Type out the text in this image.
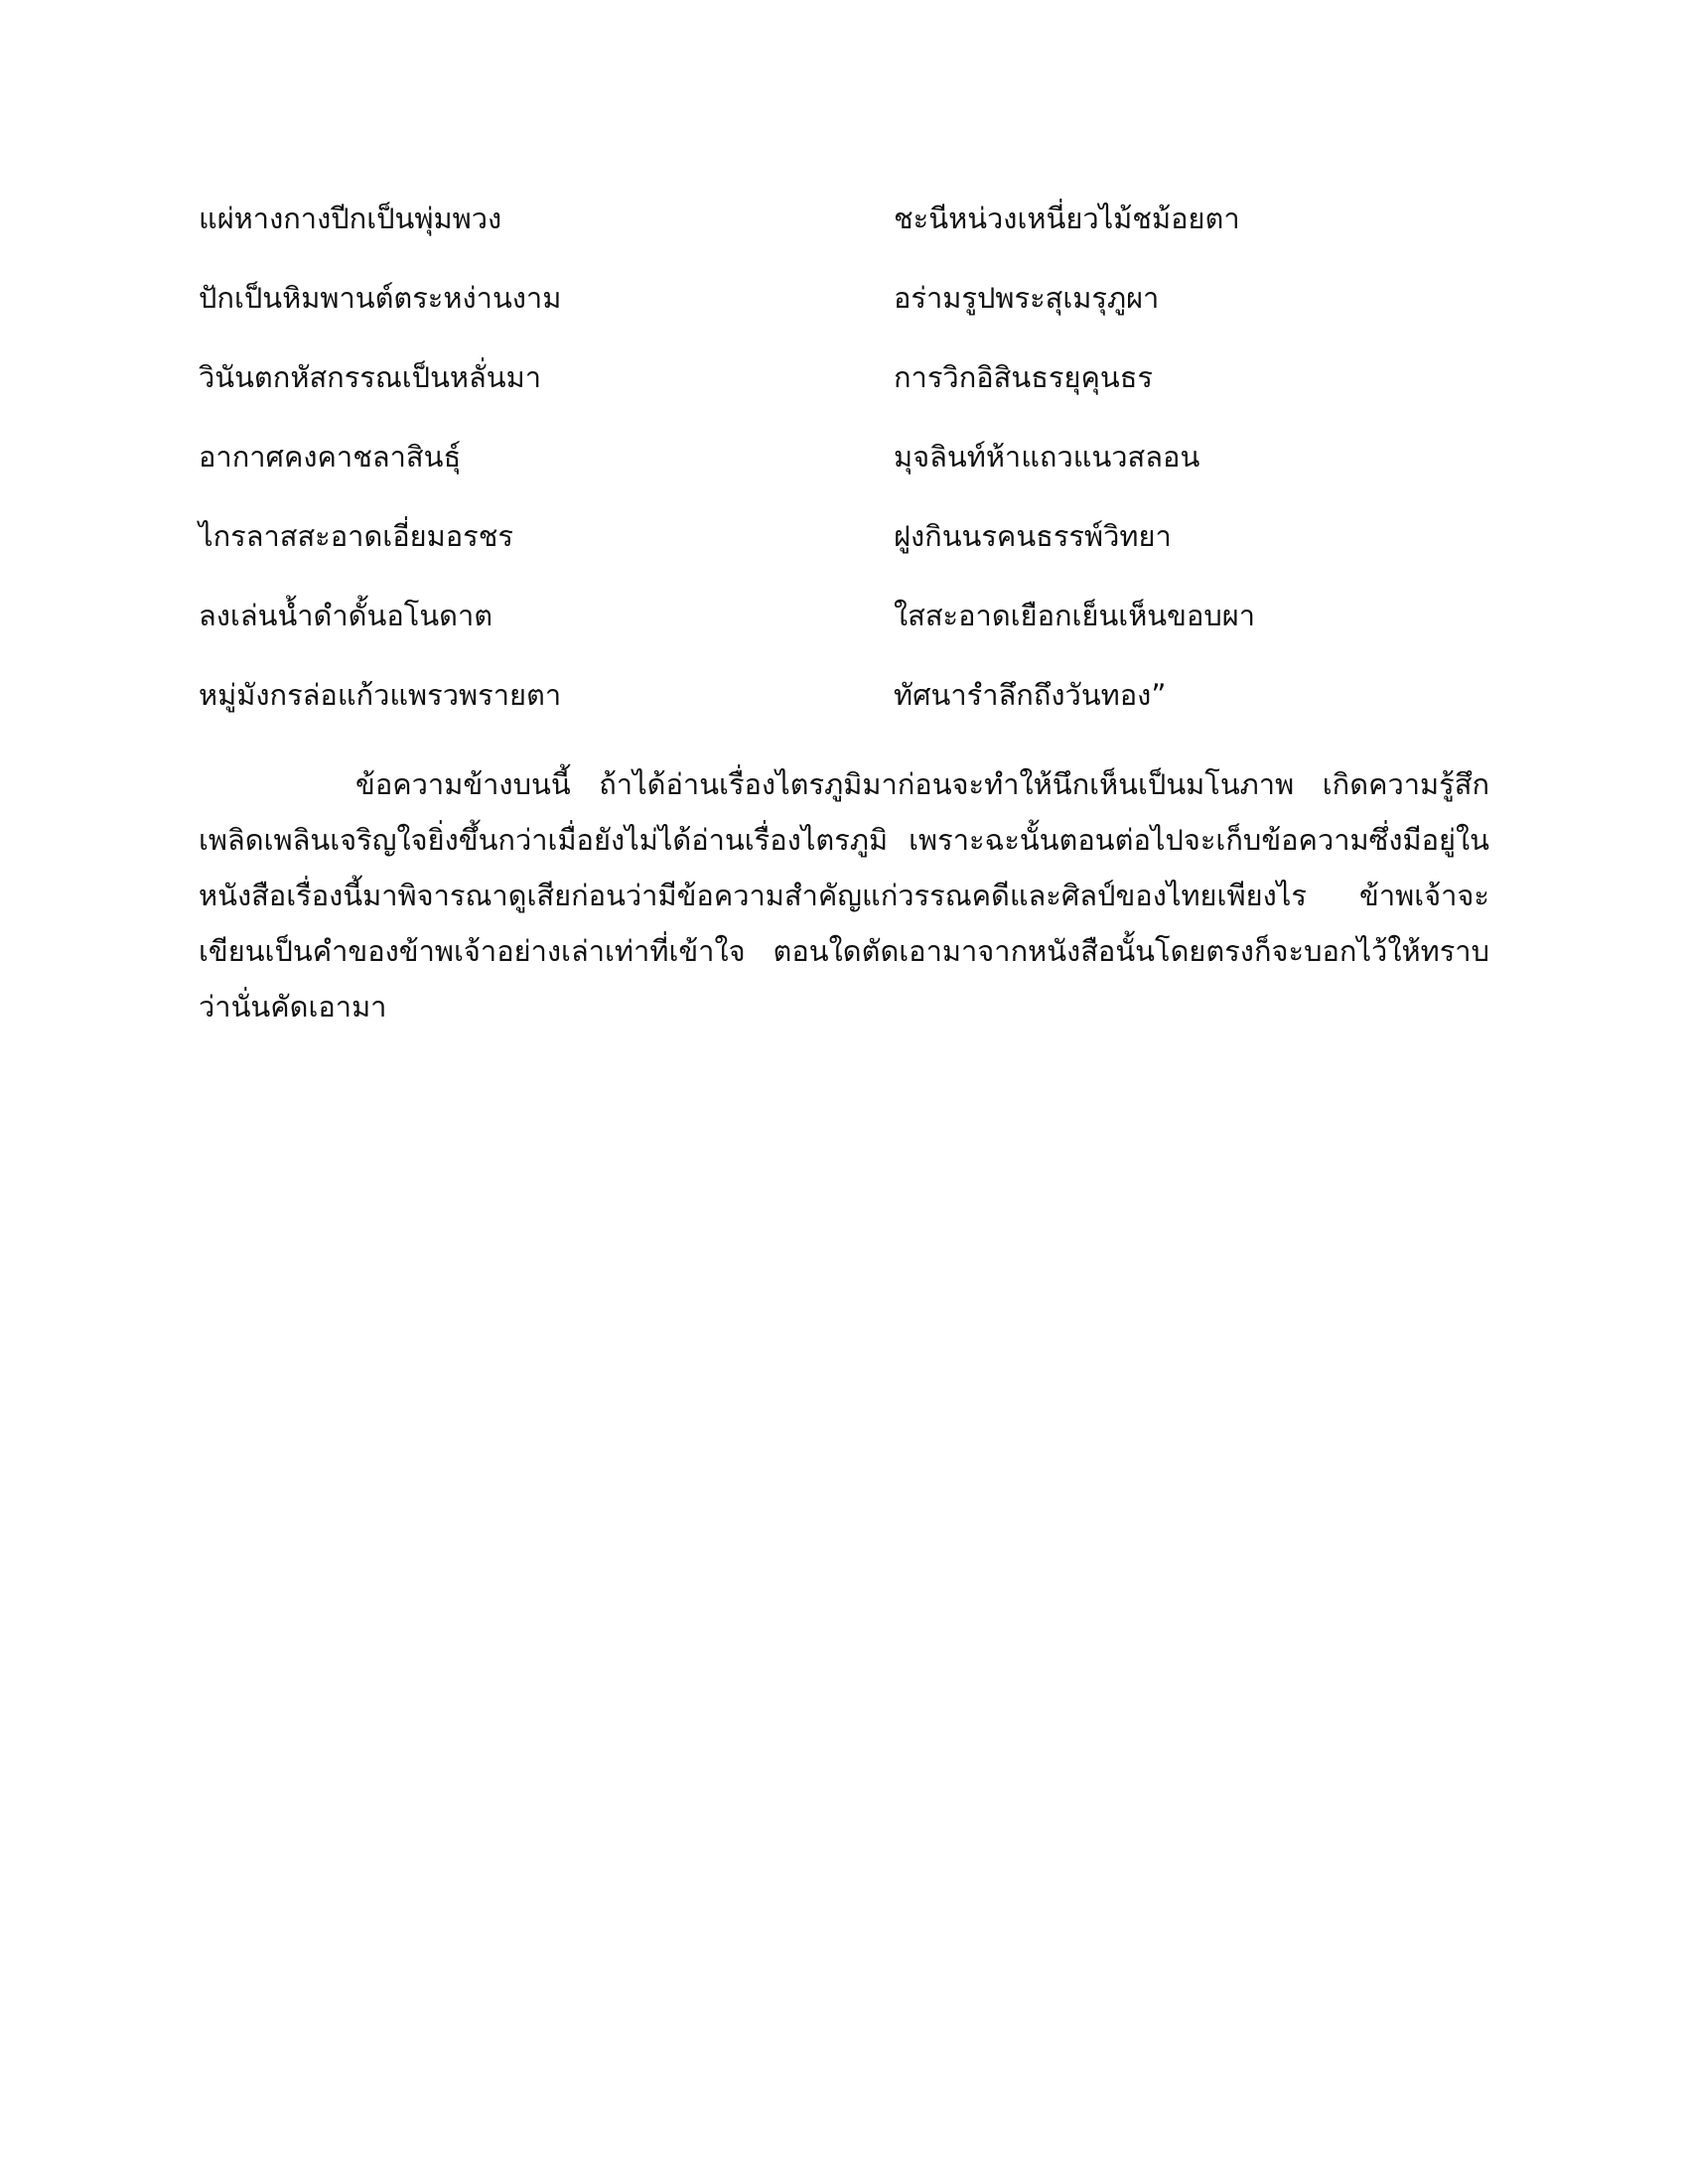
แผ่หางกางปีกเป็นพุ่มพวง	ชะนีหน่วงเหนี่ยวไม้ชม้อยตา
ปักเป็นหิมพานต์ตระหง่านงาม	อร่ามรูปพระสุเมรุภูผา
วินันตกหัสกรรณเป็นหลั่นมา	การวิกอิสินธรยุคุนธร
อากาศคงคาชลาสินธุ์	มุจลินท์ห้าแถวแนวสลอน
ไกรลาสสะอาดเอี่ยมอรชร	ฝูงกินนรคนธรรพ์วิทยา
ลงเล่นน้ำดำดั้นอโนดาต	ใสสะอาดเยือกเย็นเห็นขอบผา
หมู่มังกรล่อแก้วแพรวพรายตา	ทัศนารำลึกถึงวันทอง”

ข้อความข้างบนนี้ ถ้าได้อ่านเรื่องไตรภูมิมาก่อนจะทำให้นึกเห็นเป็นมโนภาพ เกิดความรู้สึกเพลิดเพลินเจริญใจยิ่งขึ้นกว่าเมื่อยังไม่ได้อ่านเรื่องไตรภูมิ เพราะฉะนั้นตอนต่อไปจะเก็บข้อความซึ่งมีอยู่ในหนังสือเรื่องนี้มาพิจารณาดูเสียก่อนว่ามีข้อความสำคัญแก่วรรณคดีและศิลป์ของไทยเพียงไร ข้าพเจ้าจะเขียนเป็นคำของข้าพเจ้าอย่างเล่าเท่าที่เข้าใจ ตอนใดตัดเอามาจากหนังสือนั้นโดยตรงก็จะบอกไว้ให้ทราบว่านั่นคัดเอามา
